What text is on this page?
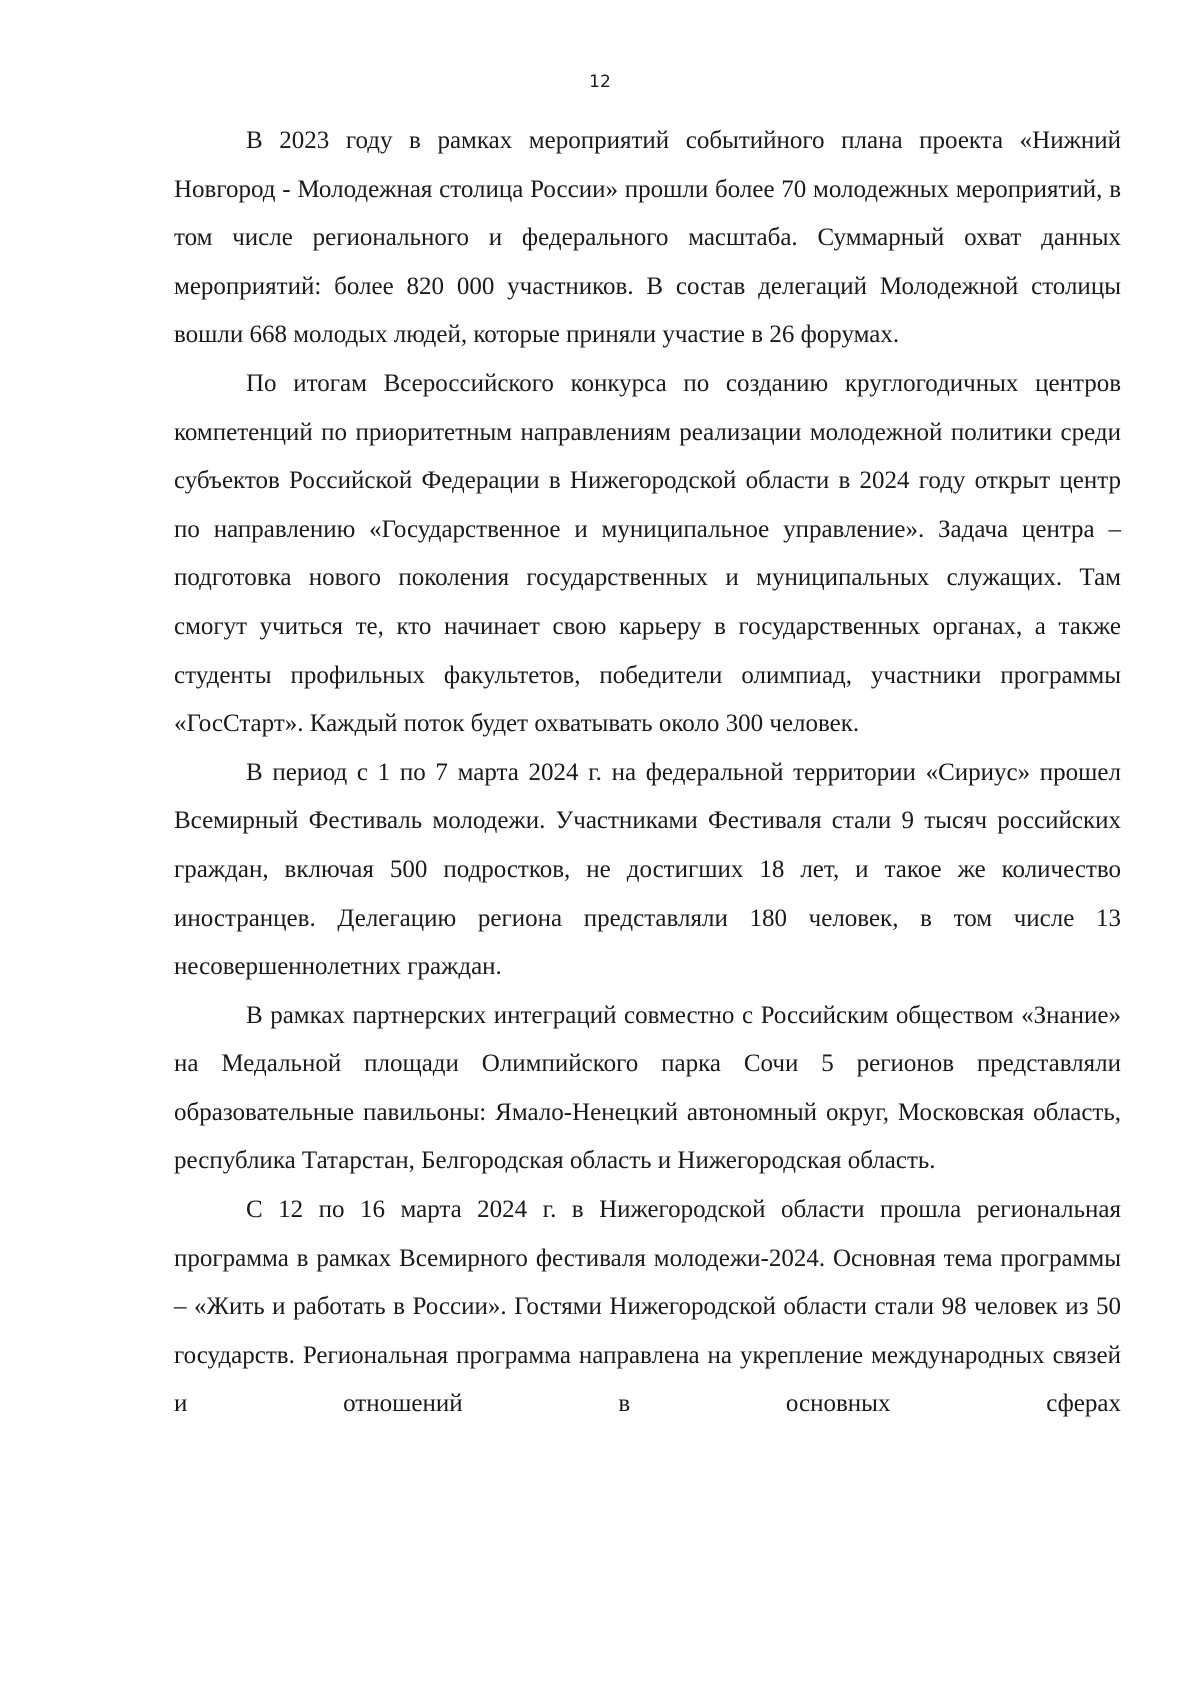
12

В 2023 году в рамках мероприятий событийного плана проекта «Нижний Новгород - Молодежная столица России» прошли более 70 молодежных мероприятий, в том числе регионального и федерального масштаба. Суммарный охват данных мероприятий: более 820 000 участников. В состав делегаций Молодежной столицы вошли 668 молодых людей, которые приняли участие в 26 форумах.

По итогам Всероссийского конкурса по созданию круглогодичных центров компетенций по приоритетным направлениям реализации молодежной политики среди субъектов Российской Федерации в Нижегородской области в 2024 году открыт центр по направлению «Государственное и муниципальное управление». Задача центра – подготовка нового поколения государственных и муниципальных служащих. Там смогут учиться те, кто начинает свою карьеру в государственных органах, а также студенты профильных факультетов, победители олимпиад, участники программы «ГосСтарт». Каждый поток будет охватывать около 300 человек.

В период с 1 по 7 марта 2024 г. на федеральной территории «Сириус» прошел Всемирный Фестиваль молодежи. Участниками Фестиваля стали 9 тысяч российских граждан, включая 500 подростков, не достигших 18 лет, и такое же количество иностранцев. Делегацию региона представляли 180 человек, в том числе 13 несовершеннолетних граждан.

В рамках партнерских интеграций совместно с Российским обществом «Знание» на Медальной площади Олимпийского парка Сочи 5 регионов представляли образовательные павильоны: Ямало-Ненецкий автономный округ, Московская область, республика Татарстан, Белгородская область и Нижегородская область.

С 12 по 16 марта 2024 г. в Нижегородской области прошла региональная программа в рамках Всемирного фестиваля молодежи-2024. Основная тема программы – «Жить и работать в России». Гостями Нижегородской области стали 98 человек из 50 государств. Региональная программа направлена на укрепление международных связей и отношений в основных сферах
